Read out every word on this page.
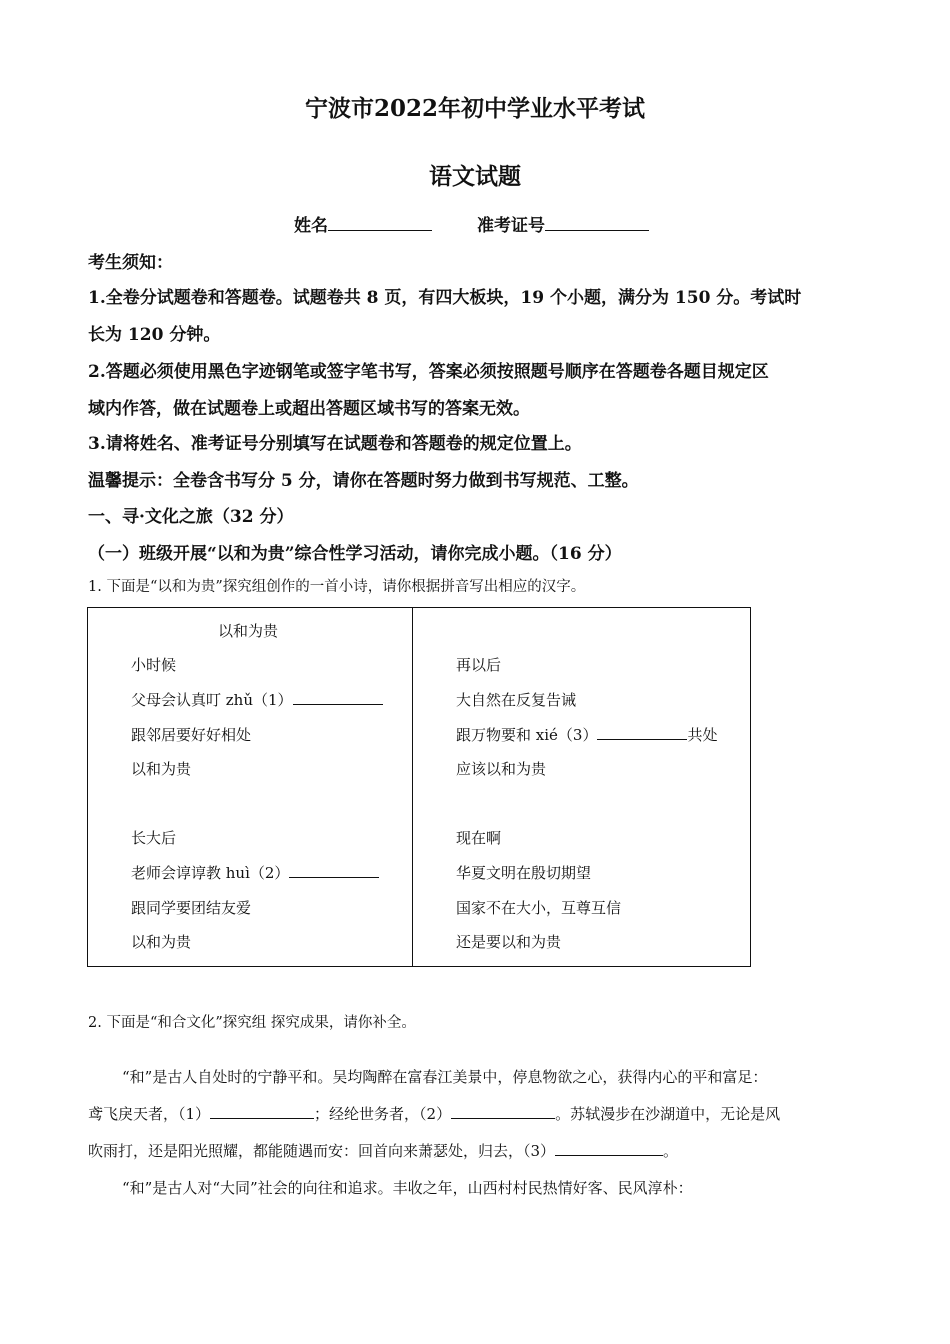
宁波市2022年初中学业水平考试
语文试题
姓名	准考证号
考生须知：
1.全卷分试题卷和答题卷。试题卷共 8 页，有四大板块，19 个小题，满分为 150 分。考试时
长为 120 分钟。
2.答题必须使用黑色字迹钢笔或签字笔书写，答案必须按照题号顺序在答题卷各题目规定区
域内作答，做在试题卷上或超出答题区域书写的答案无效。
3.请将姓名、准考证号分别填写在试题卷和答题卷的规定位置上。
温馨提示：全卷含书写分 5 分，请你在答题时努力做到书写规范、工整。
一、寻·文化之旅（32 分）
（一）班级开展“以和为贵”综合性学习活动，请你完成小题。（16 分）
1. 下面是“以和为贵”探究组创作的一首小诗，请你根据拼音写出相应的汉字。
以和为贵
小时候
父母会认真叮 zhǔ（1）
跟邻居要好好相处
以和为贵
长大后
老师会谆谆教 huì（2）
跟同学要团结友爱
以和为贵
再以后
大自然在反复告诫
跟万物要和 xié（3）	共处
应该以和为贵
现在啊
华夏文明在殷切期望
国家不在大小，互尊互信
还是要以和为贵
2. 下面是“和合文化”探究组 探究成果，请你补全。
“和”是古人自处时的宁静平和。吴均陶醉在富春江美景中，停息物欲之心，获得内心的平和富足：
鸢飞戾天者，（1）	；经纶世务者，（2）	。苏轼漫步在沙湖道中，无论是风
吹雨打，还是阳光照耀，都能随遇而安：回首向来萧瑟处，归去，（3）	。
“和”是古人对“大同”社会的向往和追求。丰收之年，山西村村民热情好客、民风淳朴：
